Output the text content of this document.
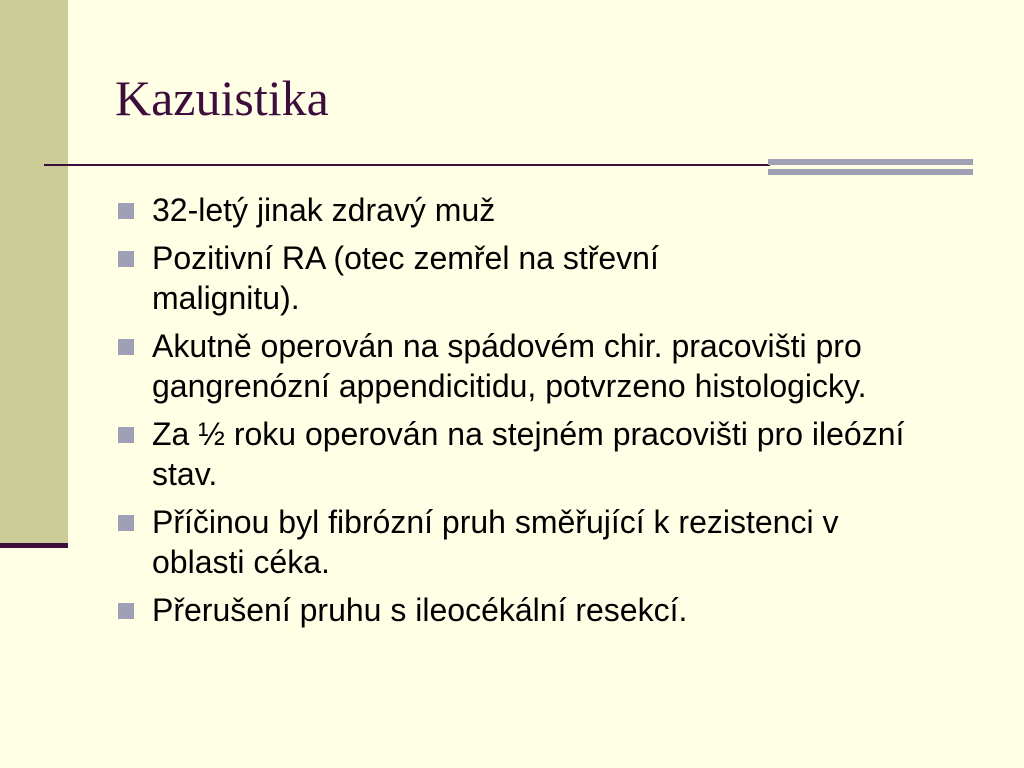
Kazuistika
32-letý jinak zdravý muž
Pozitivní RA (otec zemřel na střevní malignitu).
Akutně operován na spádovém chir. pracovišti pro gangrenózní appendicitidu, potvrzeno histologicky.
Za ½ roku operován na stejném pracovišti pro ileózní stav.
Příčinou byl fibrózní pruh směřující k rezistenci v oblasti céka.
Přerušení pruhu s ileocékální resekcí.
